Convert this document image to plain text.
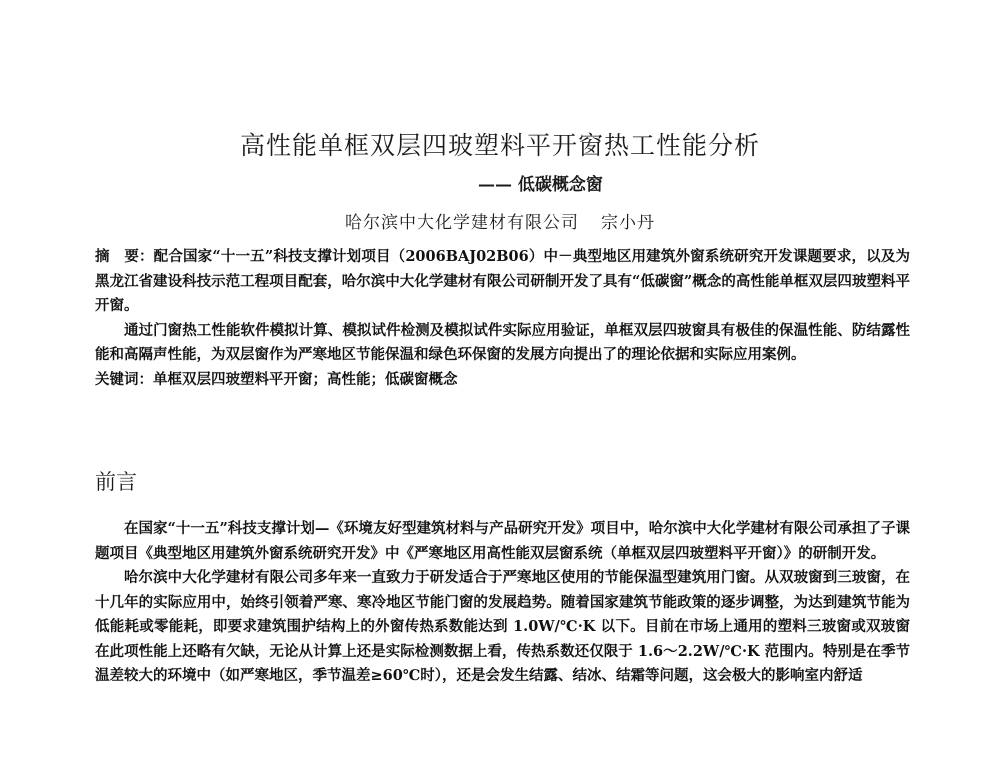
高性能单框双层四玻塑料平开窗热工性能分析
—— 低碳概念窗
哈尔滨中大化学建材有限公司 宗小丹

摘　要：配合国家“十一五”科技支撑计划项目（2006BAJ02B06）中－典型地区用建筑外窗系统研究开发课题要求，以及为黑龙江省建设科技示范工程项目配套，哈尔滨中大化学建材有限公司研制开发了具有“低碳窗”概念的高性能单框双层四玻塑料平开窗。

通过门窗热工性能软件模拟计算、模拟试件检测及模拟试件实际应用验证，单框双层四玻窗具有极佳的保温性能、防结露性能和高隔声性能，为双层窗作为严寒地区节能保温和绿色环保窗的发展方向提出了的理论依据和实际应用案例。

关键词：单框双层四玻塑料平开窗；高性能；低碳窗概念

前言

在国家“十一五”科技支撑计划—《环境友好型建筑材料与产品研究开发》项目中，哈尔滨中大化学建材有限公司承担了子课题项目《典型地区用建筑外窗系统研究开发》中《严寒地区用高性能双层窗系统（单框双层四玻塑料平开窗）》的研制开发。

哈尔滨中大化学建材有限公司多年来一直致力于研发适合于严寒地区使用的节能保温型建筑用门窗。从双玻窗到三玻窗，在十几年的实际应用中，始终引领着严寒、寒冷地区节能门窗的发展趋势。随着国家建筑节能政策的逐步调整，为达到建筑节能为低能耗或零能耗，即要求建筑围护结构上的外窗传热系数能达到 1.0W/℃·K 以下。目前在市场上通用的塑料三玻窗或双玻窗在此项性能上还略有欠缺，无论从计算上还是实际检测数据上看，传热系数还仅限于 1.6～2.2W/℃·K 范围内。特别是在季节温差较大的环境中（如严寒地区，季节温差≥60℃时），还是会发生结露、结冰、结霜等问题，这会极大的影响室内舒适
